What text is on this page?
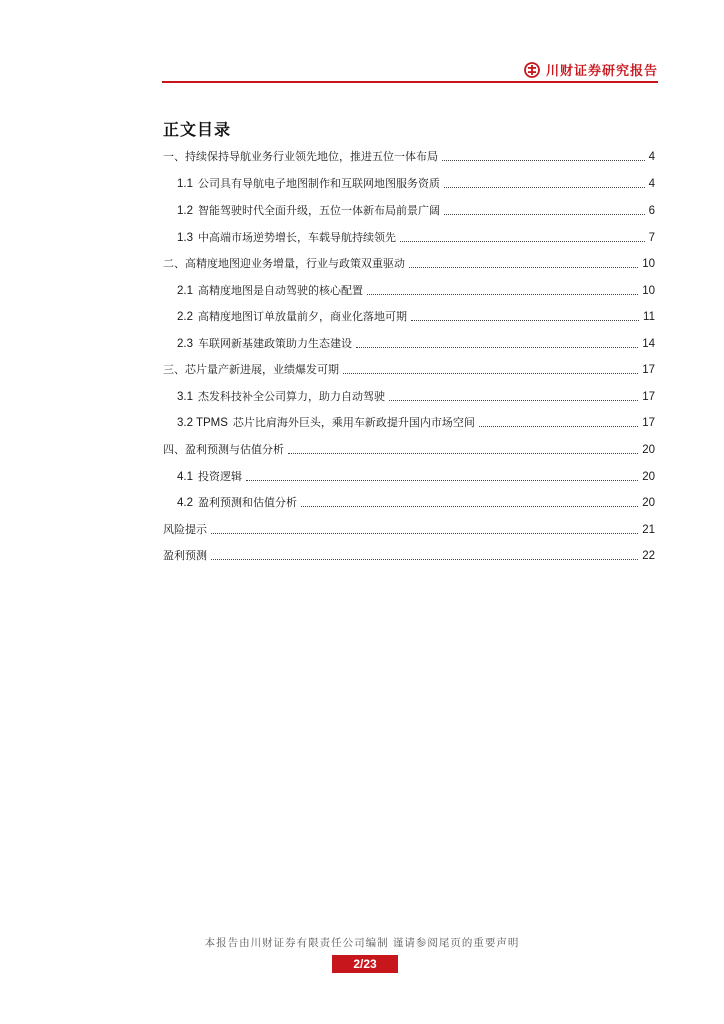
川财证券研究报告
正文目录
一、持续保持导航业务行业领先地位，推进五位一体布局	4
1.1 公司具有导航电子地图制作和互联网地图服务资质	4
1.2 智能驾驶时代全面升级，五位一体新布局前景广阔	6
1.3 中高端市场逆势增长，车载导航持续领先	7
二、高精度地图迎业务增量，行业与政策双重驱动	10
2.1 高精度地图是自动驾驶的核心配置	10
2.2 高精度地图订单放量前夕，商业化落地可期	11
2.3 车联网新基建政策助力生态建设	14
三、芯片量产新进展，业绩爆发可期	17
3.1 杰发科技补全公司算力，助力自动驾驶	17
3.2 TPMS 芯片比肩海外巨头，乘用车新政提升国内市场空间	17
四、盈利预测与估值分析	20
4.1 投资逻辑	20
4.2 盈利预测和估值分析	20
风险提示	21
盈利预测	22
本报告由川财证券有限责任公司编制 谨请参阅尾页的重要声明
2/23
